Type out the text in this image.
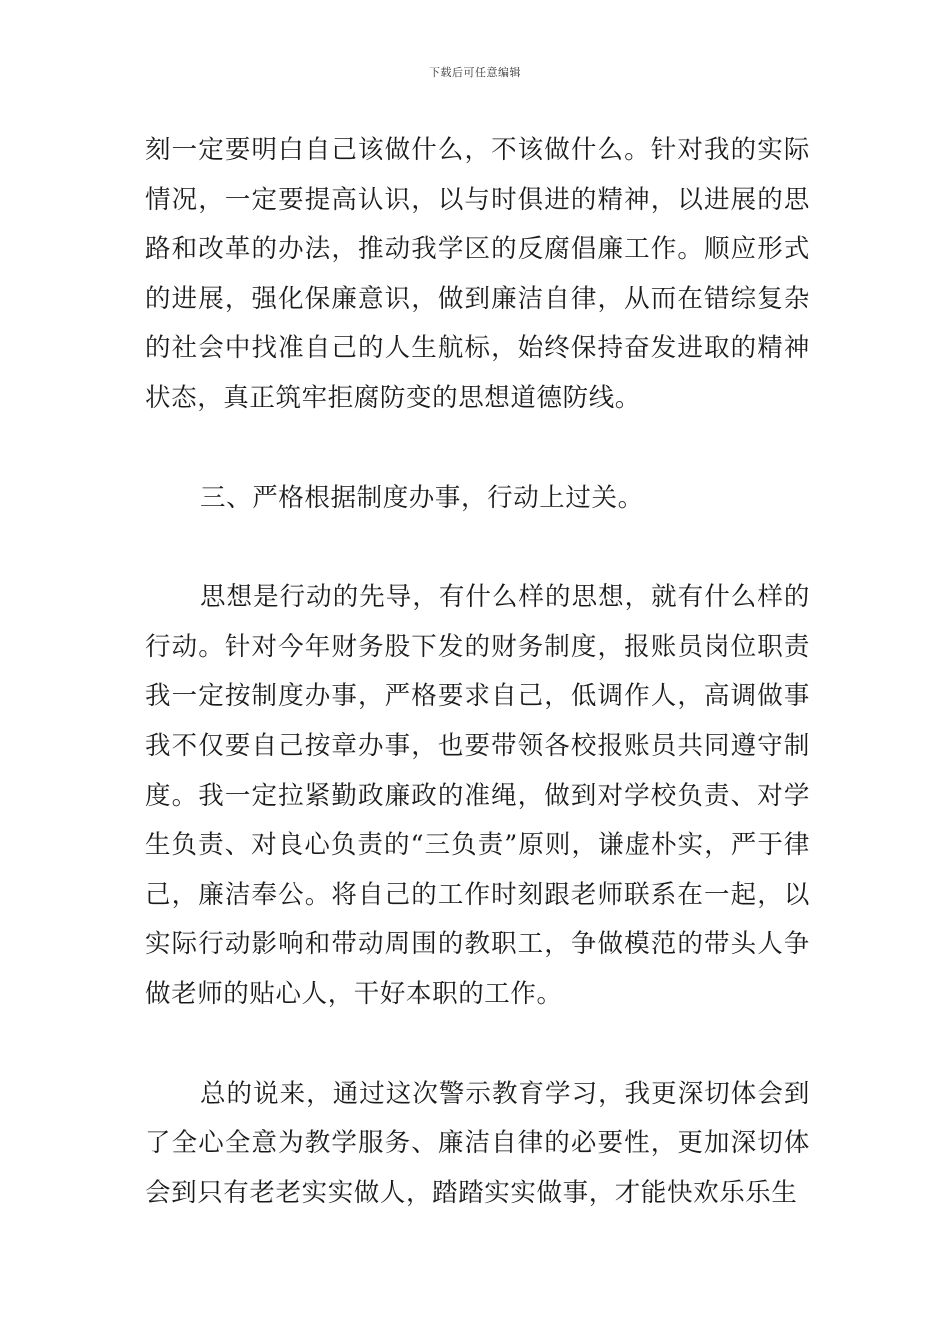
下载后可任意编辑

刻一定要明白自己该做什么，不该做什么。针对我的实际情况，一定要提高认识，以与时俱进的精神，以进展的思路和改革的办法，推动我学区的反腐倡廉工作。顺应形式的进展，强化保廉意识，做到廉洁自律，从而在错综复杂的社会中找准自己的人生航标，始终保持奋发进取的精神状态，真正筑牢拒腐防变的思想道德防线。

三、严格根据制度办事，行动上过关。

思想是行动的先导，有什么样的思想，就有什么样的行动。针对今年财务股下发的财务制度，报账员岗位职责我一定按制度办事，严格要求自己，低调作人，高调做事我不仅要自己按章办事，也要带领各校报账员共同遵守制度。我一定拉紧勤政廉政的准绳，做到对学校负责、对学生负责、对良心负责的“三负责”原则，谦虚朴实，严于律己，廉洁奉公。将自己的工作时刻跟老师联系在一起，以实际行动影响和带动周围的教职工，争做模范的带头人争做老师的贴心人，干好本职的工作。

总的说来，通过这次警示教育学习，我更深切体会到了全心全意为教学服务、廉洁自律的必要性，更加深切体会到只有老老实实做人，踏踏实实做事，才能快欢乐乐生
